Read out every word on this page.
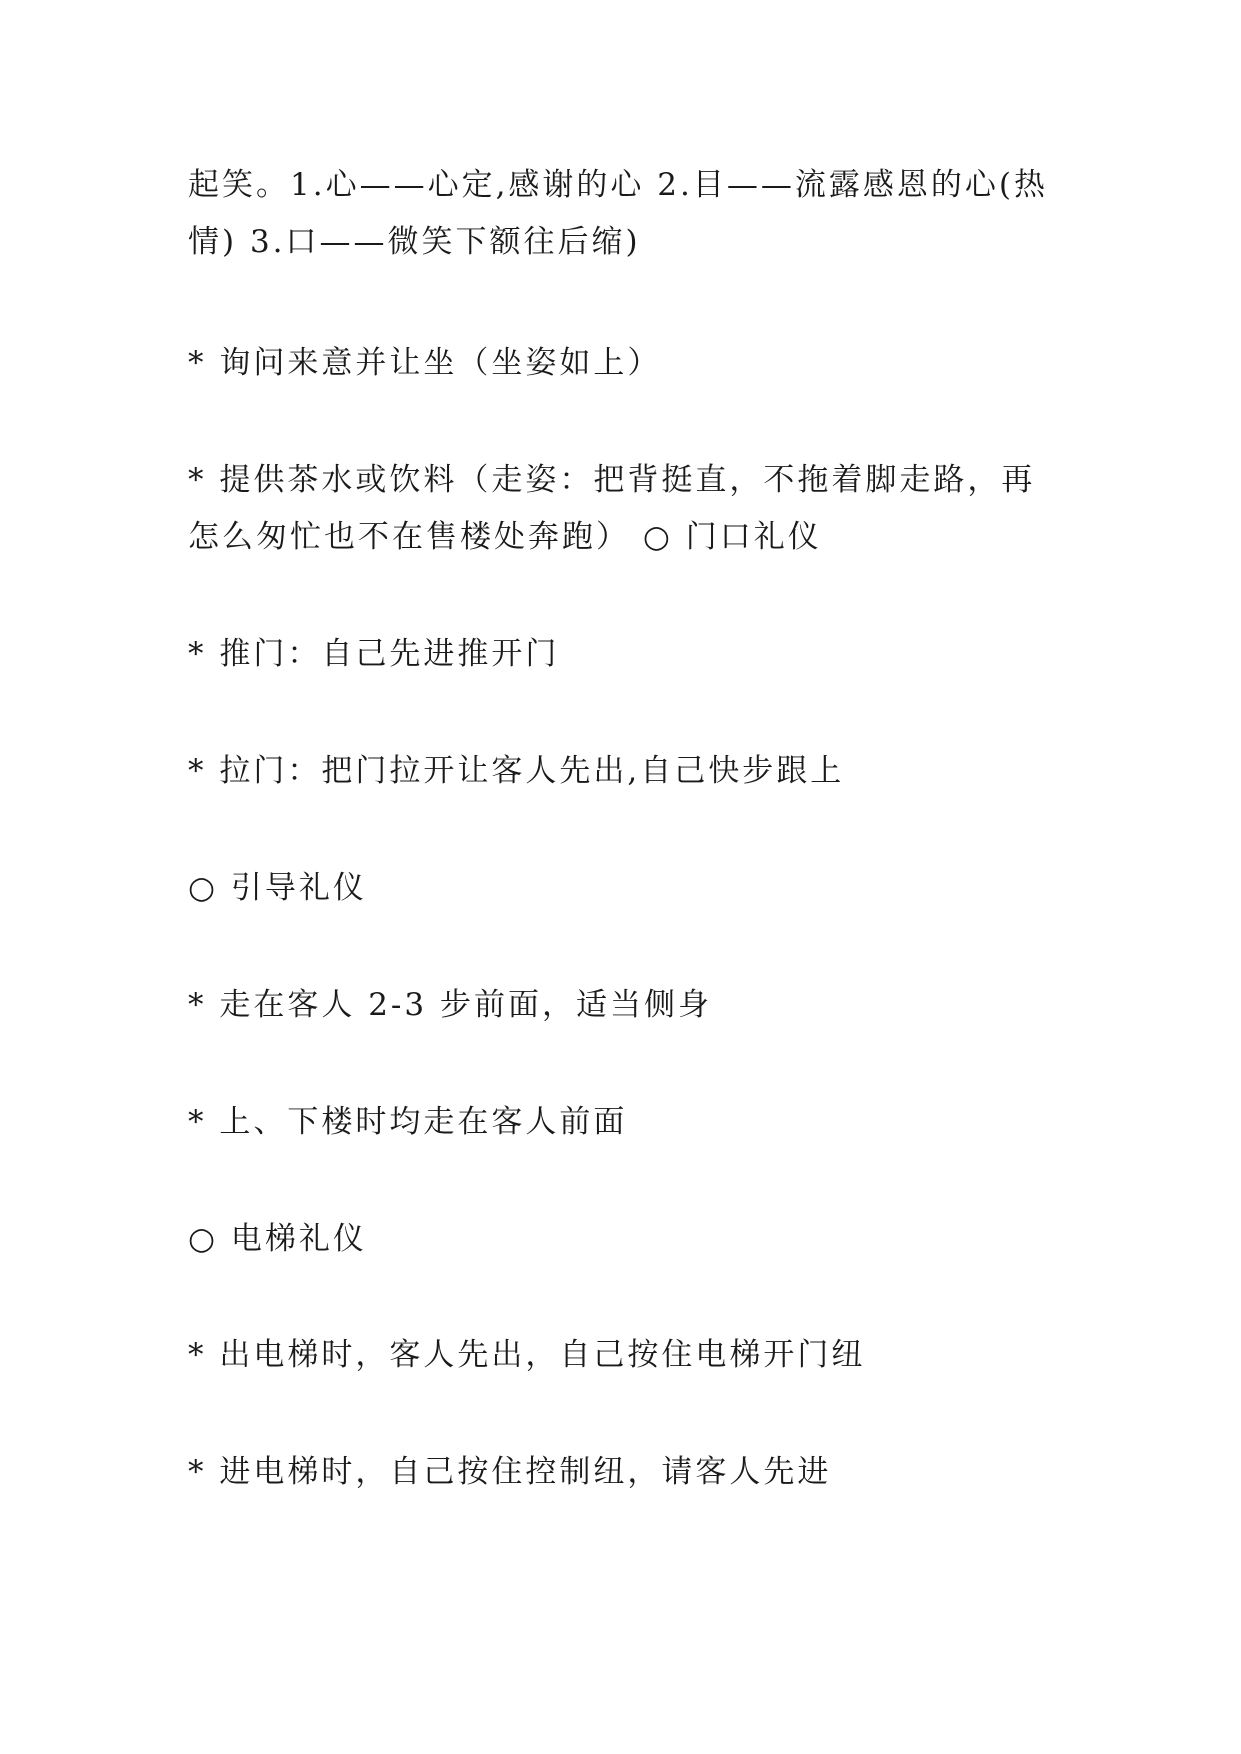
起笑。1.心——心定,感谢的心 2.目——流露感恩的心(热情) 3.口——微笑下额往后缩)

* 询问来意并让坐（坐姿如上）

* 提供茶水或饮料（走姿：把背挺直，不拖着脚走路，再怎么匆忙也不在售楼处奔跑） ○ 门口礼仪

* 推门：自己先进推开门

* 拉门：把门拉开让客人先出,自己快步跟上

○ 引导礼仪

* 走在客人 2-3 步前面，适当侧身

* 上、下楼时均走在客人前面

○ 电梯礼仪

* 出电梯时，客人先出，自己按住电梯开门纽

* 进电梯时，自己按住控制纽，请客人先进
